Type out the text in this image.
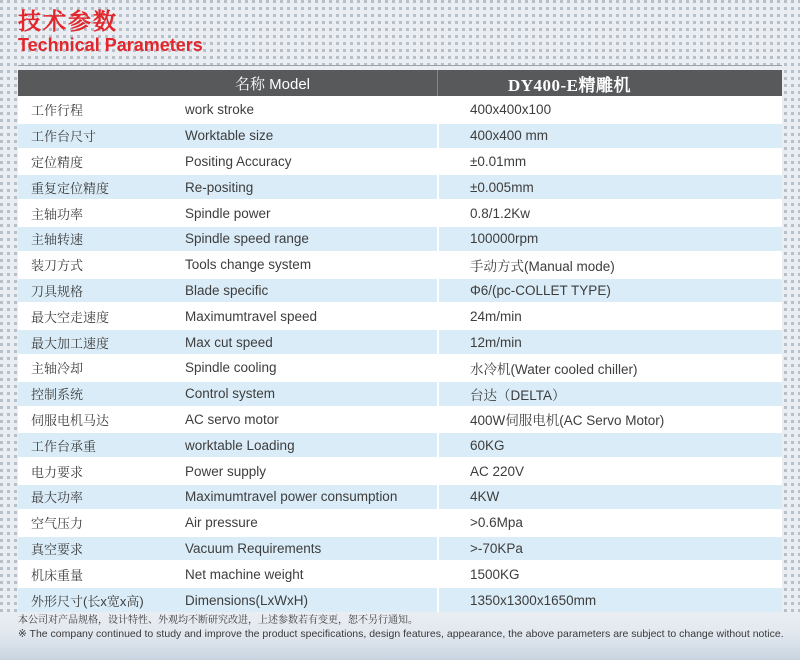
技术参数
Technical Parameters
名称 Model	DY400-E精雕机
工作行程	work stroke	400x400x100
工作台尺寸	Worktable size	400x400 mm
定位精度	Positing Accuracy	±0.01mm
重复定位精度	Re-positing	±0.005mm
主轴功率	Spindle power	0.8/1.2Kw
主轴转速	Spindle speed range	100000rpm
装刀方式	Tools change system	手动方式(Manual mode)
刀具规格	Blade specific	Φ6/(pc-COLLET TYPE)
最大空走速度	Maximumtravel speed	24m/min
最大加工速度	Max cut speed	12m/min
主轴冷却	Spindle cooling	水冷机(Water cooled chiller)
控制系统	Control system	台达（DELTA）
伺服电机马达	AC servo motor	400W伺服电机(AC Servo Motor)
工作台承重	worktable Loading	60KG
电力要求	Power supply	AC 220V
最大功率	Maximumtravel power consumption	4KW
空气压力	Air pressure	>0.6Mpa
真空要求	Vacuum Requirements	>-70KPa
机床重量	Net machine weight	1500KG
外形尺寸(长x宽x高)	Dimensions(LxWxH)	1350x1300x1650mm
本公司对产品规格，设计特性、外观均不断研究改进，上述参数若有变更，恕不另行通知。
※ The company continued to study and improve the product specifications, design features, appearance, the above parameters are subject to change without notice.
